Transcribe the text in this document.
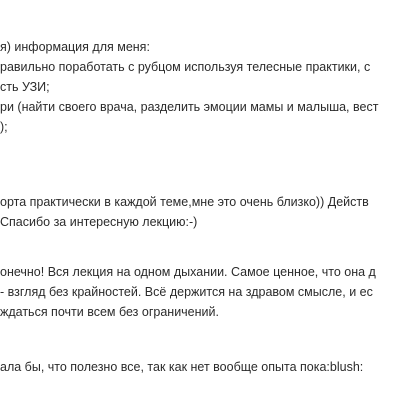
я) информация для меня:
равильно поработать с рубцом используя телесные практики, с
сть УЗИ;
ри (найти своего врача, разделить эмоции мамы и малыша, вест
);
орта практически в каждой теме,мне это очень близко)) Действ
Спасибо за интересную лекцию:-)
онечно! Вся лекция на одном дыхании. Самое ценное, что она д
- взгляд без крайностей. Всё держится на здравом смысле, и ес
ждаться почти всем без ограничений.
ала бы, что полезно все, так как нет вообще опыта пока:blush:
